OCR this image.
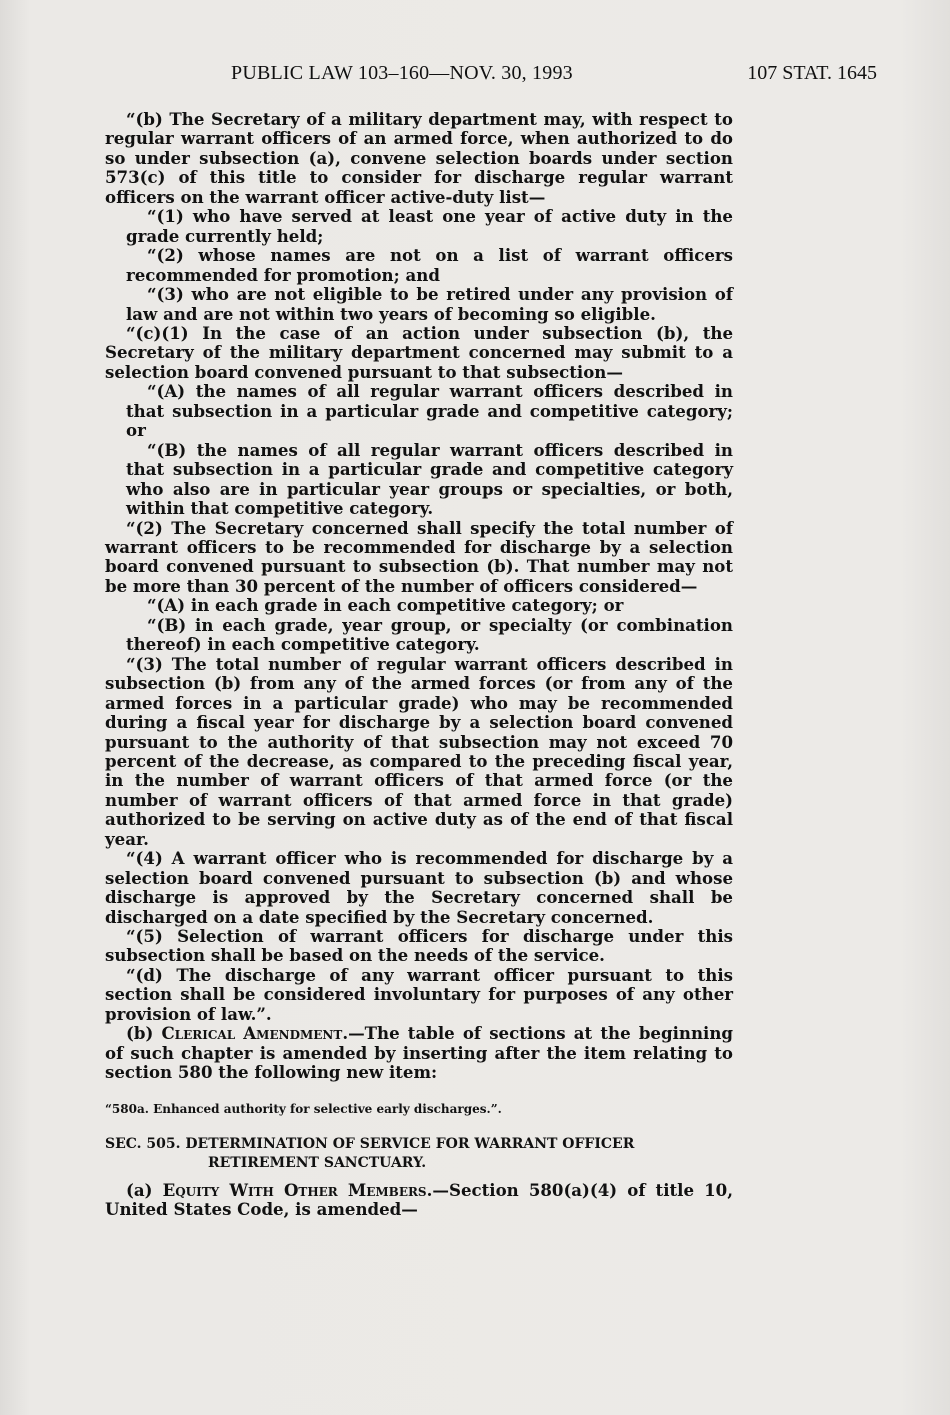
PUBLIC LAW 103–160—NOV. 30, 1993	107 STAT. 1645

“(b) The Secretary of a military department may, with respect to regular warrant officers of an armed force, when authorized to do so under subsection (a), convene selection boards under section 573(c) of this title to consider for discharge regular warrant officers on the warrant officer active-duty list—

“(1) who have served at least one year of active duty in the grade currently held;

“(2) whose names are not on a list of warrant officers recommended for promotion; and

“(3) who are not eligible to be retired under any provision of law and are not within two years of becoming so eligible.

“(c)(1) In the case of an action under subsection (b), the Secretary of the military department concerned may submit to a selection board convened pursuant to that subsection—

“(A) the names of all regular warrant officers described in that subsection in a particular grade and competitive category; or

“(B) the names of all regular warrant officers described in that subsection in a particular grade and competitive category who also are in particular year groups or specialties, or both, within that competitive category.

“(2) The Secretary concerned shall specify the total number of warrant officers to be recommended for discharge by a selection board convened pursuant to subsection (b). That number may not be more than 30 percent of the number of officers considered—

“(A) in each grade in each competitive category; or

“(B) in each grade, year group, or specialty (or combination thereof) in each competitive category.

“(3) The total number of regular warrant officers described in subsection (b) from any of the armed forces (or from any of the armed forces in a particular grade) who may be recommended during a fiscal year for discharge by a selection board convened pursuant to the authority of that subsection may not exceed 70 percent of the decrease, as compared to the preceding fiscal year, in the number of warrant officers of that armed force (or the number of warrant officers of that armed force in that grade) authorized to be serving on active duty as of the end of that fiscal year.

“(4) A warrant officer who is recommended for discharge by a selection board convened pursuant to subsection (b) and whose discharge is approved by the Secretary concerned shall be discharged on a date specified by the Secretary concerned.

“(5) Selection of warrant officers for discharge under this subsection shall be based on the needs of the service.

“(d) The discharge of any warrant officer pursuant to this section shall be considered involuntary for purposes of any other provision of law.”.

(b) Clerical Amendment.—The table of sections at the beginning of such chapter is amended by inserting after the item relating to section 580 the following new item:

“580a. Enhanced authority for selective early discharges.”.

SEC. 505. DETERMINATION OF SERVICE FOR WARRANT OFFICER RETIREMENT SANCTUARY.

(a) Equity With Other Members.—Section 580(a)(4) of title 10, United States Code, is amended—
